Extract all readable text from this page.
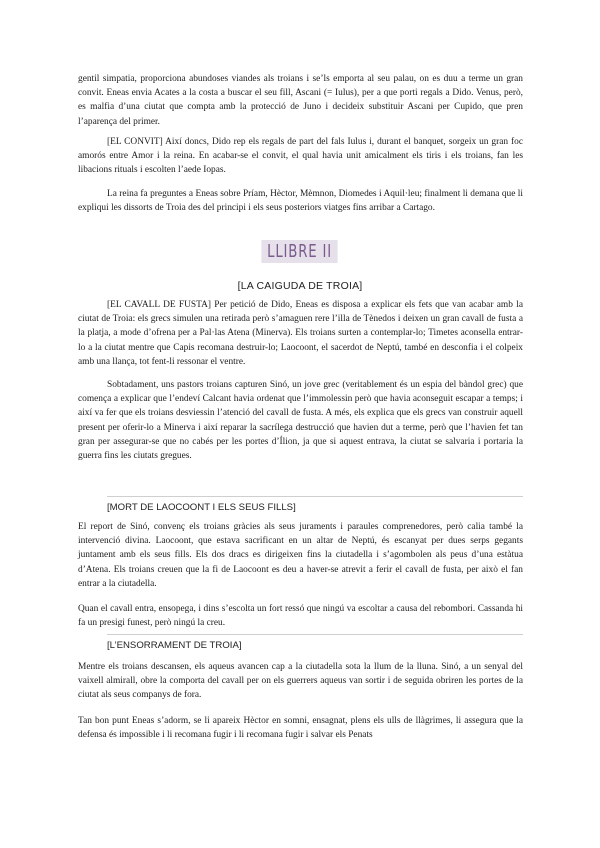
gentil simpatia, proporciona abundoses viandes als troians i se’ls emporta al seu palau, on es duu a terme un gran convit. Eneas envia Acates a la costa a buscar el seu fill, Ascani (= Iulus), per a que porti regals a Dido. Venus, però, es malfia d’una ciutat que compta amb la protecció de Juno i decideix substituir Ascani per Cupido, que pren l’aparença del primer.

[EL CONVIT] Així doncs, Dido rep els regals de part del fals Iulus i, durant el banquet, sorgeix un gran foc amorós entre Amor i la reina. En acabar-se el convit, el qual havia unit amicalment els tiris i els troians, fan les libacions rituals i escolten l’aede Iopas.

La reina fa preguntes a Eneas sobre Príam, Hèctor, Mèmnon, Diomedes i Aquil·leu; finalment li demana que li expliqui les dissorts de Troia des del principi i els seus posteriors viatges fins arribar a Cartago.

LLIBRE II
[LA CAIGUDA DE TROIA]

[EL CAVALL DE FUSTA] Per petició de Dido, Eneas es disposa a explicar els fets que van acabar amb la ciutat de Troia: els grecs simulen una retirada però s’amaguen rere l’illa de Tènedos i deixen un gran cavall de fusta a la platja, a mode d’ofrena per a Pal·las Atena (Minerva). Els troians surten a contemplar-lo; Timetes aconsella entrar-lo a la ciutat mentre que Capis recomana destruir-lo; Laocoont, el sacerdot de Neptú, també en desconfia i el colpeix amb una llança, tot fent-li ressonar el ventre.

Sobtadament, uns pastors troians capturen Sinó, un jove grec (veritablement és un espia del bàndol grec) que comença a explicar que l’endeví Calcant havia ordenat que l’immolessin però que havia aconseguit escapar a temps; i així va fer que els troians desviessin l’atenció del cavall de fusta. A més, els explica que els grecs van construir aquell present per oferir-lo a Minerva i així reparar la sacrílega destrucció que havien dut a terme, però que l’havien fet tan gran per assegurar-se que no cabés per les portes d’Ílion, ja que si aquest entrava, la ciutat se salvaria i portaria la guerra fins les ciutats gregues.

[MORT DE LAOCOONT I ELS SEUS FILLS]

El report de Sinó, convenç els troians gràcies als seus juraments i paraules comprenedores, però calia també la intervenció divina. Laocoont, que estava sacrificant en un altar de Neptú, és escanyat per dues serps gegants juntament amb els seus fills. Els dos dracs es dirigeixen fins la ciutadella i s’agombolen als peus d’una estàtua d’Atena. Els troians creuen que la fi de Laocoont es deu a haver-se atrevit a ferir el cavall de fusta, per això el fan entrar a la ciutadella.

Quan el cavall entra, ensopega, i dins s’escolta un fort ressó que ningú va escoltar a causa del rebombori. Cassanda hi fa un presigi funest, però ningú la creu.

[L’ENSORRAMENT DE TROIA]

Mentre els troians descansen, els aqueus avancen cap a la ciutadella sota la llum de la lluna. Sinó, a un senyal del vaixell almirall, obre la comporta del cavall per on els guerrers aqueus van sortir i de seguida obriren les portes de la ciutat als seus companys de fora.

Tan bon punt Eneas s’adorm, se li apareix Hèctor en somni, ensagnat, plens els ulls de llàgrimes, li assegura que la defensa és impossible i li recomana fugir i li recomana fugir i salvar els Penats
